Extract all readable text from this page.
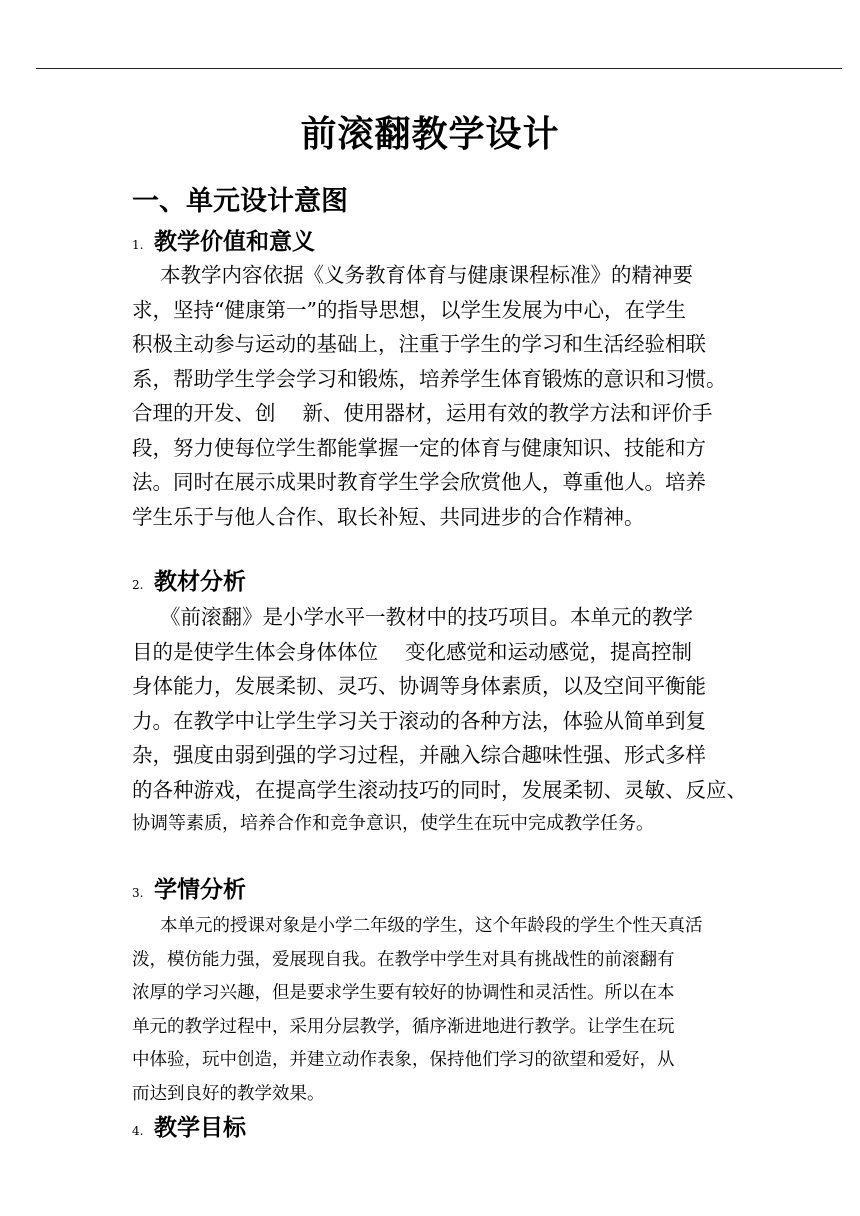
前滚翻教学设计
一、单元设计意图
1. 教学价值和意义
本教学内容依据《义务教育体育与健康课程标准》的精神要
求，坚持“健康第一”的指导思想，以学生发展为中心，在学生
积极主动参与运动的基础上，注重于学生的学习和生活经验相联
系，帮助学生学会学习和锻炼，培养学生体育锻炼的意识和习惯。
合理的开发、创　 新、使用器材，运用有效的教学方法和评价手
段，努力使每位学生都能掌握一定的体育与健康知识、技能和方
法。同时在展示成果时教育学生学会欣赏他人，尊重他人。培养
学生乐于与他人合作、取长补短、共同进步的合作精神。
2. 教材分析
《前滚翻》是小学水平一教材中的技巧项目。本单元的教学
目的是使学生体会身体体位　 变化感觉和运动感觉，提高控制
身体能力，发展柔韧、灵巧、协调等身体素质，以及空间平衡能
力。在教学中让学生学习关于滚动的各种方法，体验从简单到复
杂，强度由弱到强的学习过程，并融入综合趣味性强、形式多样
的各种游戏，在提高学生滚动技巧的同时，发展柔韧、灵敏、反应、
协调等素质，培养合作和竞争意识，使学生在玩中完成教学任务。
3. 学情分析
本单元的授课对象是小学二年级的学生，这个年龄段的学生个性天真活
泼，模仿能力强，爱展现自我。在教学中学生对具有挑战性的前滚翻有
浓厚的学习兴趣，但是要求学生要有较好的协调性和灵活性。所以在本
单元的教学过程中，采用分层教学，循序渐进地进行教学。让学生在玩
中体验，玩中创造，并建立动作表象，保持他们学习的欲望和爱好，从
而达到良好的教学效果。
4. 教学目标
